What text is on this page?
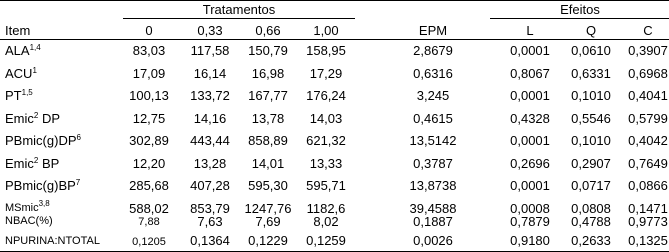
Tratamentos	Efeitos
Item	0	0,33	0,66	1,00	EPM	L	Q	C
ALA$^{1,4}$	83,03 117,58 150,79 158,95	2,8679	0,0001 0,0610 0,3907
ACU$^1$	17,09 16,14 16,98 17,29	0,6316	0,8067 0,6331 0,6968
PT$^{1,5}$	100,13 133,72 167,77 176,24	3,245	0,0001 0,1010 0,4041
Emic$^2$ DP	12,75 14,16 13,78 14,03	0,4615	0,4328 0,5546 0,5799
$PBmic(g)DP^6$	302,89 443,44 858,89 621,32	13,5142	0,0001 0,1010 0,4042
Emic$^2$ BP	12,20 13,28 14,01 13,33	0,3787	0,2696 0,2907 0,7649
$PBmic(g)BP^7$	285,68 407,28 595,30 595,71	13,8738	0,0001 0,0717 0,0866
MSmic$^{3,8}$	588,02 853,79 1247,76 1182,6	39,4588	0,0008 0,0808 0,1471
NBAC(%)	7,88	7,63	7,69	8,02	0,1887	0,7879 0,4788 0,9773
NPURINA:NTOTAL	0,1205 0,1364 0,1229 0,1259	0,0026	0,9180 0,2633 0,1325
